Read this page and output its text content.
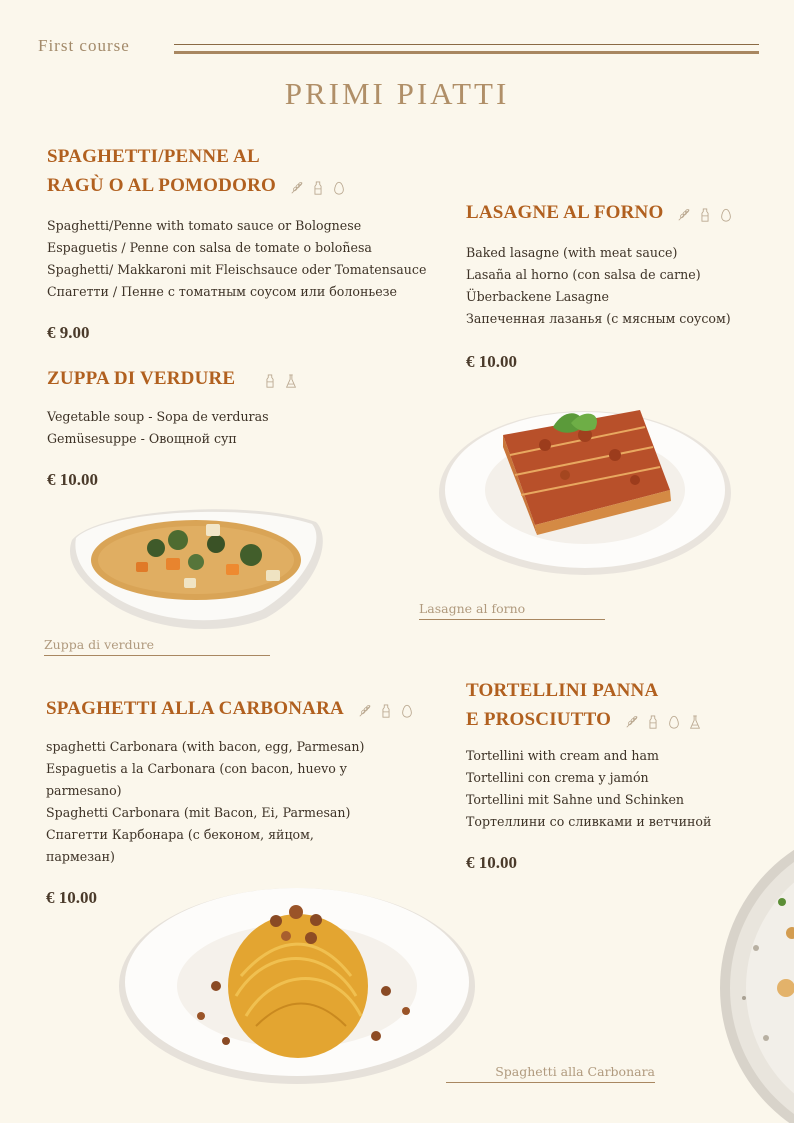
First course
PRIMI PIATTI
SPAGHETTI/PENNE AL
RAGÙ O AL POMODORO
Spaghetti/Penne with tomato sauce or Bolognese
Espaguetis / Penne con salsa de tomate o boloñesa
Spaghetti/ Makkaroni mit Fleischsauce oder Tomatensauce
Спагетти / Пенне с томатным соусом или болоньезе
€ 9.00
LASAGNE AL FORNO
Baked lasagne (with meat sauce)
Lasaña al horno (con salsa de carne)
Überbackene Lasagne
Запеченная лазанья (с мясным соусом)
€ 10.00
ZUPPA DI VERDURE
Vegetable soup - Sopa de verduras
Gemüsesuppe - Овощной суп
€ 10.00
Lasagne al forno
Zuppa di verdure
SPAGHETTI ALLA CARBONARA
spaghetti Carbonara (with bacon, egg, Parmesan)
Espaguetis a la Carbonara (con bacon, huevo y parmesano)
Spaghetti Carbonara (mit Bacon, Ei, Parmesan)
Спагетти Карбонара (с беконом, яйцом, пармезан)
€ 10.00
TORTELLINI PANNA
E PROSCIUTTO
Tortellini with cream and ham
Tortellini con crema y jamón
Tortellini mit Sahne und Schinken
Тортеллини со сливками и ветчиной
€ 10.00
Spaghetti alla Carbonara
